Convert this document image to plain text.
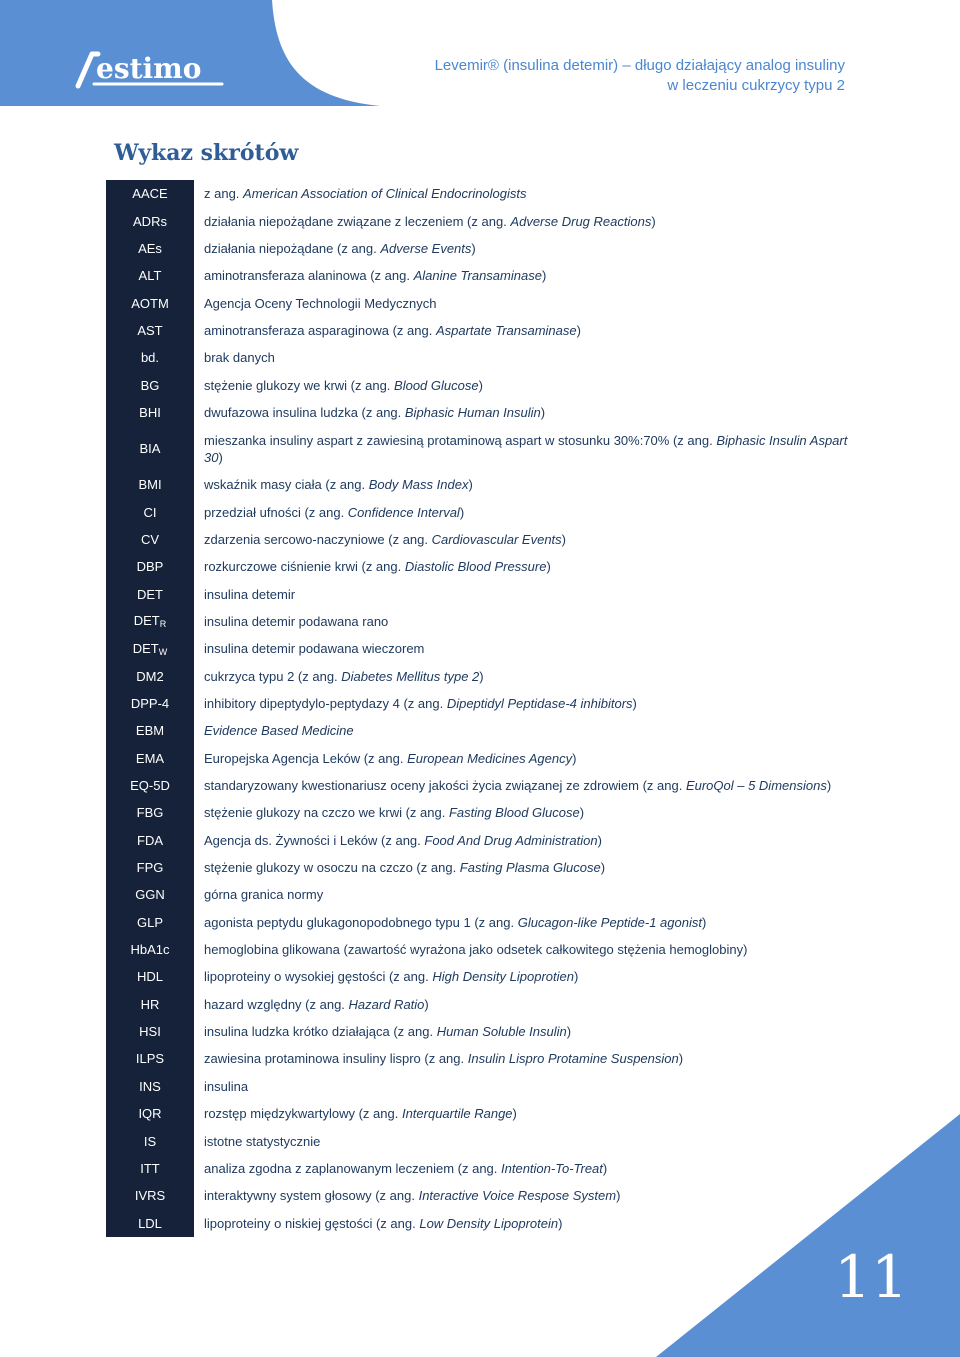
estimo	Levemir® (insulina detemir) – długo działający analog insuliny
w leczeniu cukrzycy typu 2
Wykaz skrótów
AACE	z ang. American Association of Clinical Endocrinologists
ADRs	działania niepożądane związane z leczeniem (z ang. Adverse Drug Reactions)
AEs	działania niepożądane (z ang. Adverse Events)
ALT	aminotransferaza alaninowa (z ang. Alanine Transaminase)
AOTM	Agencja Oceny Technologii Medycznych
AST	aminotransferaza asparaginowa (z ang. Aspartate Transaminase)
bd.	brak danych
BG	stężenie glukozy we krwi (z ang. Blood Glucose)
BHI	dwufazowa insulina ludzka (z ang. Biphasic Human Insulin)
BIA	mieszanka insuliny aspart z zawiesiną protaminową aspart w stosunku 30%:70% (z ang. Biphasic Insulin Aspart 30)
BMI	wskaźnik masy ciała (z ang. Body Mass Index)
CI	przedział ufności (z ang. Confidence Interval)
CV	zdarzenia sercowo-naczyniowe (z ang. Cardiovascular Events)
DBP	rozkurczowe ciśnienie krwi (z ang. Diastolic Blood Pressure)
DET	insulina detemir
$DET_R$	insulina detemir podawana rano
$DET_W$	insulina detemir podawana wieczorem
DM2	cukrzyca typu 2 (z ang. Diabetes Mellitus type 2)
DPP-4	inhibitory dipeptydylo-peptydazy 4 (z ang. Dipeptidyl Peptidase-4 inhibitors)
EBM	Evidence Based Medicine
EMA	Europejska Agencja Leków (z ang. European Medicines Agency)
EQ-5D	standaryzowany kwestionariusz oceny jakości życia związanej ze zdrowiem (z ang. EuroQol – 5 Dimensions)
FBG	stężenie glukozy na czczo we krwi (z ang. Fasting Blood Glucose)
FDA	Agencja ds. Żywności i Leków (z ang. Food And Drug Administration)
FPG	stężenie glukozy w osoczu na czczo (z ang. Fasting Plasma Glucose)
GGN	górna granica normy
GLP	agonista peptydu glukagonopodobnego typu 1 (z ang. Glucagon-like Peptide-1 agonist)
HbA1c	hemoglobina glikowana (zawartość wyrażona jako odsetek całkowitego stężenia hemoglobiny)
HDL	lipoproteiny o wysokiej gęstości (z ang. High Density Lipoprotien)
HR	hazard względny (z ang. Hazard Ratio)
HSI	insulina ludzka krótko działająca (z ang. Human Soluble Insulin)
ILPS	zawiesina protaminowa insuliny lispro (z ang. Insulin Lispro Protamine Suspension)
INS	insulina
IQR	rozstęp międzykwartylowy (z ang. Interquartile Range)
IS	istotne statystycznie
ITT	analiza zgodna z zaplanowanym leczeniem (z ang. Intention-To-Treat)
IVRS	interaktywny system głosowy (z ang. Interactive Voice Respose System)
LDL	lipoproteiny o niskiej gęstości (z ang. Low Density Lipoprotein)
11
